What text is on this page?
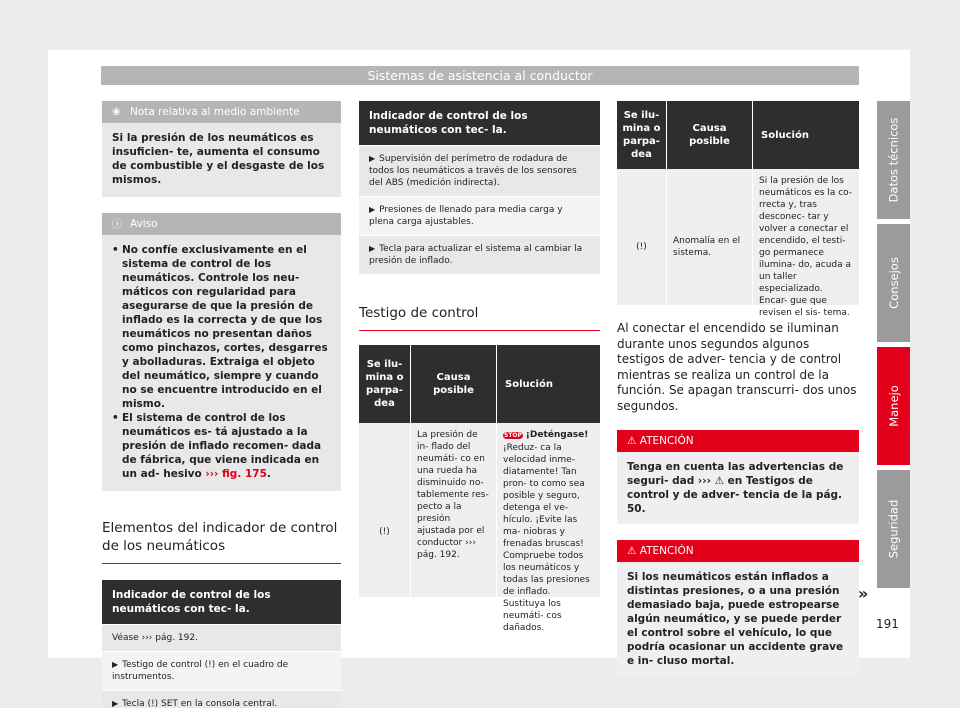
Sistemas de asistencia al conductor
❀ Nota relativa al medio ambiente
Si la presión de los neumáticos es insuficien- te, aumenta el consumo de combustible y el desgaste de los mismos.
ⓘ Aviso
• No confíe exclusivamente en el sistema de control de los neumáticos. Controle los neu- máticos con regularidad para asegurarse de que la presión de inflado es la correcta y de que los neumáticos no presentan daños como pinchazos, cortes, desgarres y abolladuras. Extraiga el objeto del neumático, siempre y cuando no se encuentre introducido en el mismo.
• El sistema de control de los neumáticos es- tá ajustado a la presión de inflado recomen- dada de fábrica, que viene indicada en un ad- hesivo ››› fig. 175.
Elementos del indicador de control de los neumáticos
Indicador de control de los neumáticos con tec- la.
Véase ››› pág. 192.
▶ Testigo de control (!) en el cuadro de instrumentos.
▶ Tecla (!) SET en la consola central.
Indicador de control de los neumáticos con tec- la.
▶ Supervisión del perímetro de rodadura de todos los neumáticos a través de los sensores del ABS (medición indirecta).
▶ Presiones de llenado para media carga y plena carga ajustables.
▶ Tecla para actualizar el sistema al cambiar la presión de inflado.
Testigo de control
Se ilu- mina o parpa- dea
Causa posible
Solución
(!)
La presión de in- flado del neumáti- co en una rueda ha disminuido no- tablemente res- pecto a la presión ajustada por el conductor ››› pág. 192.
STOP ¡Deténgase! ¡Reduz- ca la velocidad inme- diatamente! Tan pron- to como sea posible y seguro, detenga el ve- hículo. ¡Evite las ma- niobras y frenadas bruscas! Compruebe todos los neumáticos y todas las presiones de inflado. Sustituya los neumáti- cos dañados.
Se ilu- mina o parpa- dea
Causa posible
Solución
(!)
Anomalía en el sistema.
Si la presión de los neumáticos es la co- rrecta y, tras desconec- tar y volver a conectar el encendido, el testi- go permanece ilumina- do, acuda a un taller especializado. Encar- gue que revisen el sis- tema.
Al conectar el encendido se iluminan durante unos segundos algunos testigos de adver- tencia y de control mientras se realiza un control de la función. Se apagan transcurri- dos unos segundos.
⚠ ATENCIÓN
Tenga en cuenta las advertencias de seguri- dad ››› ⚠ en Testigos de control y de adver- tencia de la pág. 50.
⚠ ATENCIÓN
Si los neumáticos están inflados a distintas presiones, o a una presión demasiado baja, puede estropearse algún neumático, y se puede perder el control sobre el vehículo, lo que podría ocasionar un accidente grave e in- cluso mortal.
»
Datos técnicos
Consejos
Manejo
Seguridad
191
